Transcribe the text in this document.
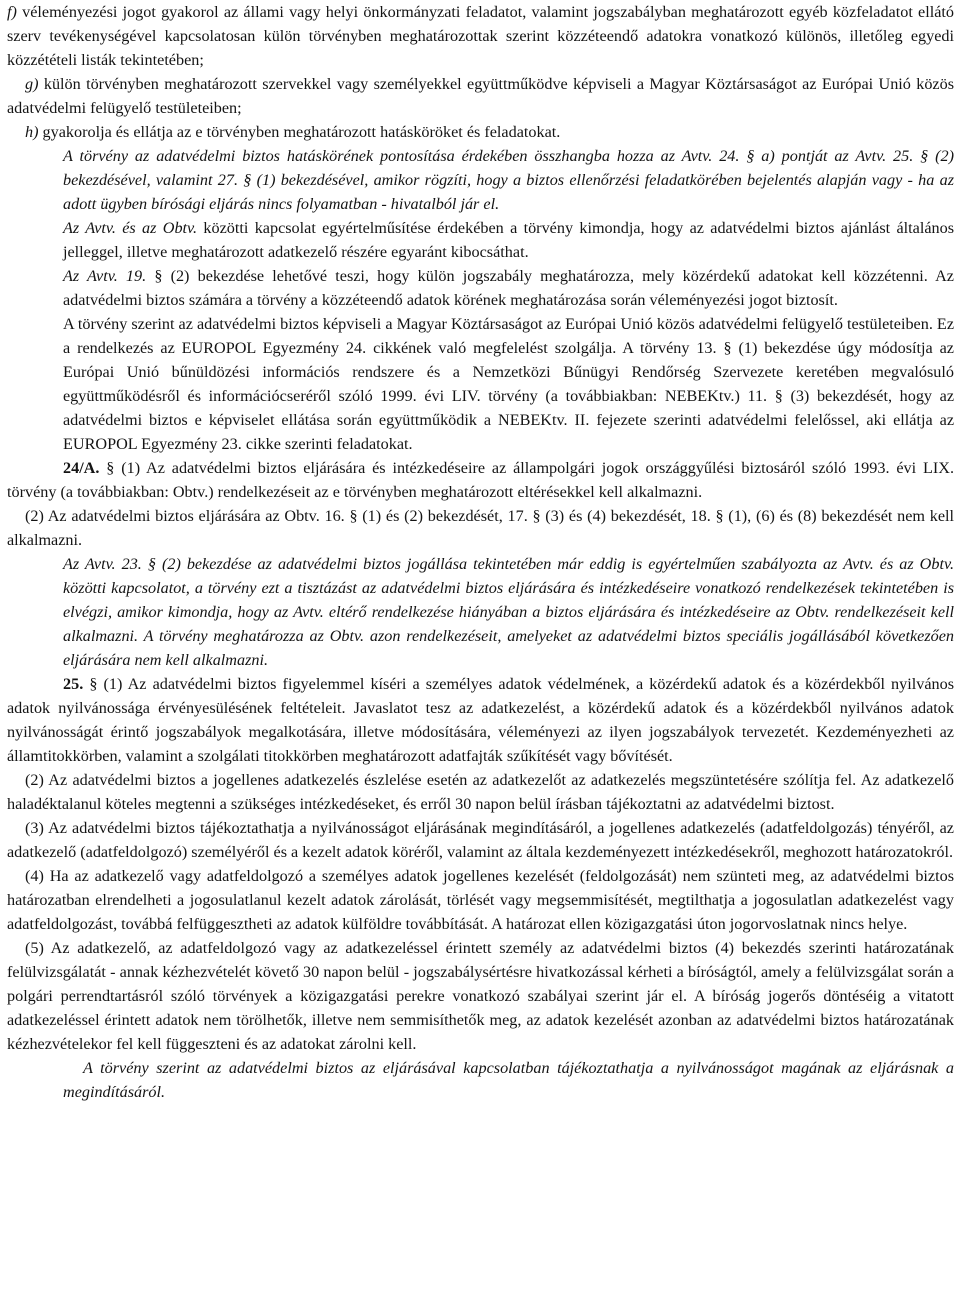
f) véleményezési jogot gyakorol az állami vagy helyi önkormányzati feladatot, valamint jogszabályban meghatározott egyéb közfeladatot ellátó szerv tevékenységével kapcsolatosan külön törvényben meghatározottak szerint közzéteendő adatokra vonatkozó különös, illetőleg egyedi közzétételi listák tekintetében;

g) külön törvényben meghatározott szervekkel vagy személyekkel együttműködve képviseli a Magyar Köztársaságot az Európai Unió közös adatvédelmi felügyelő testületeiben;

h) gyakorolja és ellátja az e törvényben meghatározott hatásköröket és feladatokat.

A törvény az adatvédelmi biztos hatáskörének pontosítása érdekében összhangba hozza az Avtv. 24. § a) pontját az Avtv. 25. § (2) bekezdésével, valamint 27. § (1) bekezdésével, amikor rögzíti, hogy a biztos ellenőrzési feladatkörében bejelentés alapján vagy - ha az adott ügyben bírósági eljárás nincs folyamatban - hivatalból jár el.

Az Avtv. és az Obtv. közötti kapcsolat egyértelműsítése érdekében a törvény kimondja, hogy az adatvédelmi biztos ajánlást általános jelleggel, illetve meghatározott adatkezelő részére egyaránt kibocsáthat.

Az Avtv. 19. § (2) bekezdése lehetővé teszi, hogy külön jogszabály meghatározza, mely közérdekű adatokat kell közzétenni. Az adatvédelmi biztos számára a törvény a közzéteendő adatok körének meghatározása során véleményezési jogot biztosít.

A törvény szerint az adatvédelmi biztos képviseli a Magyar Köztársaságot az Európai Unió közös adatvédelmi felügyelő testületeiben. Ez a rendelkezés az EUROPOL Egyezmény 24. cikkének való megfelelést szolgálja. A törvény 13. § (1) bekezdése úgy módosítja az Európai Unió bűnüldözési információs rendszere és a Nemzetközi Bűnügyi Rendőrség Szervezete keretében megvalósuló együttműködésről és információcseréről szóló 1999. évi LIV. törvény (a továbbiakban: NEBEKtv.) 11. § (3) bekezdését, hogy az adatvédelmi biztos e képviselet ellátása során együttműködik a NEBEKtv. II. fejezete szerinti adatvédelmi felelőssel, aki ellátja az EUROPOL Egyezmény 23. cikke szerinti feladatokat.

24/A. § (1) Az adatvédelmi biztos eljárására és intézkedéseire az állampolgári jogok országgyűlési biztosáról szóló 1993. évi LIX. törvény (a továbbiakban: Obtv.) rendelkezéseit az e törvényben meghatározott eltérésekkel kell alkalmazni.

(2) Az adatvédelmi biztos eljárására az Obtv. 16. § (1) és (2) bekezdését, 17. § (3) és (4) bekezdését, 18. § (1), (6) és (8) bekezdését nem kell alkalmazni.

Az Avtv. 23. § (2) bekezdése az adatvédelmi biztos jogállása tekintetében már eddig is egyértelműen szabályozta az Avtv. és az Obtv. közötti kapcsolatot, a törvény ezt a tisztázást az adatvédelmi biztos eljárására és intézkedéseire vonatkozó rendelkezések tekintetében is elvégzi, amikor kimondja, hogy az Avtv. eltérő rendelkezése hiányában a biztos eljárására és intézkedéseire az Obtv. rendelkezéseit kell alkalmazni. A törvény meghatározza az Obtv. azon rendelkezéseit, amelyeket az adatvédelmi biztos speciális jogállásából következően eljárására nem kell alkalmazni.

25. § (1) Az adatvédelmi biztos figyelemmel kíséri a személyes adatok védelmének, a közérdekű adatok és a közérdekből nyilvános adatok nyilvánossága érvényesülésének feltételeit. Javaslatot tesz az adatkezelést, a közérdekű adatok és a közérdekből nyilvános adatok nyilvánosságát érintő jogszabályok megalkotására, illetve módosítására, véleményezi az ilyen jogszabályok tervezetét. Kezdeményezheti az államtitokkörben, valamint a szolgálati titokkörben meghatározott adatfajták szűkítését vagy bővítését.

(2) Az adatvédelmi biztos a jogellenes adatkezelés észlelése esetén az adatkezelőt az adatkezelés megszüntetésére szólítja fel. Az adatkezelő haladéktalanul köteles megtenni a szükséges intézkedéseket, és erről 30 napon belül írásban tájékoztatni az adatvédelmi biztost.

(3) Az adatvédelmi biztos tájékoztathatja a nyilvánosságot eljárásának megindításáról, a jogellenes adatkezelés (adatfeldolgozás) tényéről, az adatkezelő (adatfeldolgozó) személyéről és a kezelt adatok köréről, valamint az általa kezdeményezett intézkedésekről, meghozott határozatokról.

(4) Ha az adatkezelő vagy adatfeldolgozó a személyes adatok jogellenes kezelését (feldolgozását) nem szünteti meg, az adatvédelmi biztos határozatban elrendelheti a jogosulatlanul kezelt adatok zárolását, törlését vagy megsemmisítését, megtilthatja a jogosulatlan adatkezelést vagy adatfeldolgozást, továbbá felfüggesztheti az adatok külföldre továbbítását. A határozat ellen közigazgatási úton jogorvoslatnak nincs helye.

(5) Az adatkezelő, az adatfeldolgozó vagy az adatkezeléssel érintett személy az adatvédelmi biztos (4) bekezdés szerinti határozatának felülvizsgálatát - annak kézhezvételét követő 30 napon belül - jogszabálysértésre hivatkozással kérheti a bíróságtól, amely a felülvizsgálat során a polgári perrendtartásról szóló törvények a közigazgatási perekre vonatkozó szabályai szerint jár el. A bíróság jogerős döntéséig a vitatott adatkezeléssel érintett adatok nem törölhetők, illetve nem semmisíthetők meg, az adatok kezelését azonban az adatvédelmi biztos határozatának kézhezvételekor fel kell függeszteni és az adatokat zárolni kell.

A törvény szerint az adatvédelmi biztos az eljárásával kapcsolatban tájékoztathatja a nyilvánosságot magának az eljárásnak a megindításáról.
